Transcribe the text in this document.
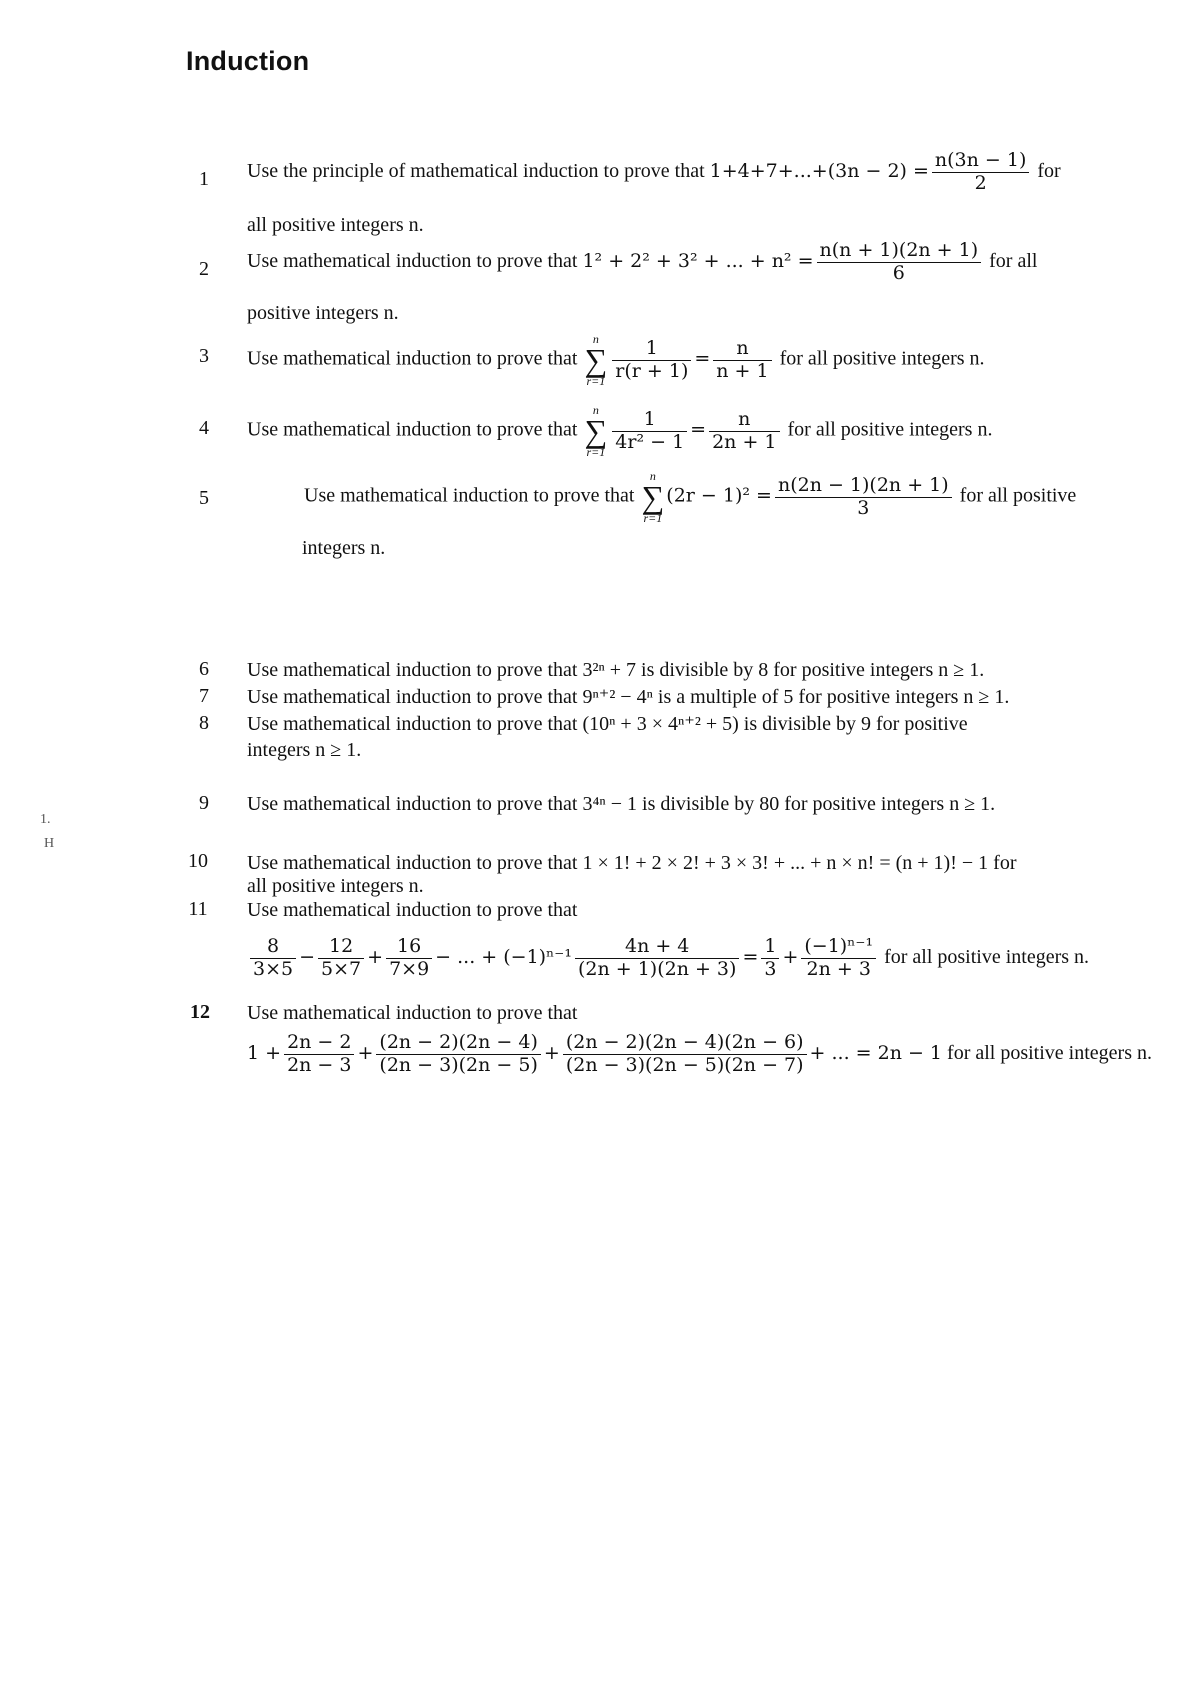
Induction
1	Use the principle of mathematical induction to prove that $1+4+7+...+(3n - 2) = \frac{n(3n - 1)}{2}$ for
all positive integers n.
2	Use mathematical induction to prove that 1² + 2² + 3² + ... + $n^2 = \frac{n(n + 1)(2n + 1)}{6}$ for all
positive integers n.
3	Use mathematical induction to prove that
n
∑
$r=1 \frac{1}{r(r + 1)} = \frac{n}{n + 1}$ for all positive integers n.
4	Use mathematical induction to prove that
n
∑
$r=1 \frac{1}{\text{4r² − 1}} = \frac{n}{2n + 1}$ for all positive integers n.
5	Use mathematical induction to prove that
n
∑
r=1
$(2r - 1)^2 = \frac{n(2n - 1)(2n + 1)}{3}$ for all positive
integers n.
6	Use mathematical induction to prove that 3²ⁿ + 7 is divisible by 8 for positive integers n ≥ 1.
7	Use mathematical induction to prove that 9ⁿ⁺² − 4ⁿ is a multiple of 5 for positive integers n ≥ 1.
8	Use mathematical induction to prove that (10ⁿ + 3 × 4ⁿ⁺² + 5) is divisible by 9 for positive
integers n ≥ 1.
9	Use mathematical induction to prove that 3⁴ⁿ − 1 is divisible by 80 for positive integers n ≥ 1.
10	Use mathematical induction to prove that 1 × 1! + 2 × 2! + 3 × 3! + ... + n × n! = (n + 1)! − 1 for
all positive integers n.
11	Use mathematical induction to prove that
$\frac{8}{3\times 5} - \frac{12}{5\times 7} + \frac{16}{7\times 9}$ − ... + $(-1)^{n-1} \frac{4n + 4}{(2n + 1)(2n + 3)} = \frac{1}{3} + \frac{\text{(−1)ⁿ⁻¹}}{2n + 3}$ for all positive integers n.
12	Use mathematical induction to prove that
$1 + \frac{2n - 2}{2n - 3} + \frac{(2n - 2)(2n - 4)}{(2n - 3)(2n - 5)} + \frac{(2n - 2)(2n - 4)(2n - 6)}{(2n - 3)(2n - 5)(2n - 7)}$ + ... = 2n − 1 for all positive integers n.
1.
H
